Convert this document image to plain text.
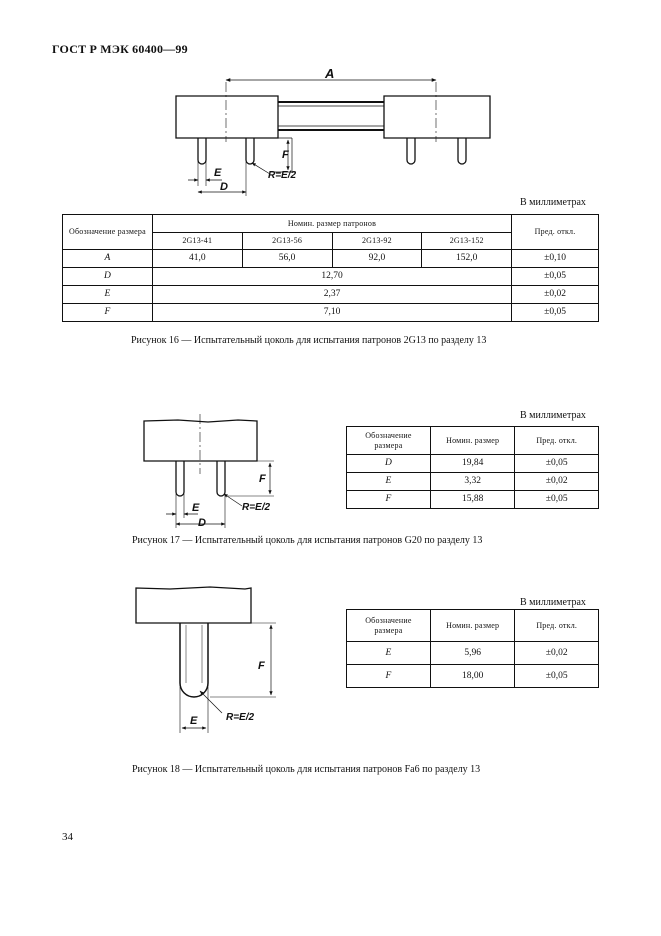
ГОСТ Р МЭК 60400—99
A
F
E
D
R=E/2
В миллиметрах
Обозначение размера	Номин. размер патронов				Пред. откл.
	2G13-41	2G13-56	2G13-92	2G13-152	
A	41,0	56,0	92,0	152,0	±0,10
D	12,70				±0,05
E	2,37				±0,02
F	7,10				±0,05
Рисунок 16 — Испытательный цоколь для испытания патронов 2G13 по разделу 13
F
E
D
R=E/2
В миллиметрах
Обозначение размера	Номин. размер	Пред. откл.
D	19,84	±0,05
E	3,32	±0,02
F	15,88	±0,05
Рисунок 17 — Испытательный цоколь для испытания патронов G20 по разделу 13
F
E	R=E/2
В миллиметрах
Обозначение размера	Номин. размер	Пред. откл.
E	5,96	±0,02
F	18,00	±0,05
Рисунок 18 — Испытательный цоколь для испытания патронов Fa6 по разделу 13
34
